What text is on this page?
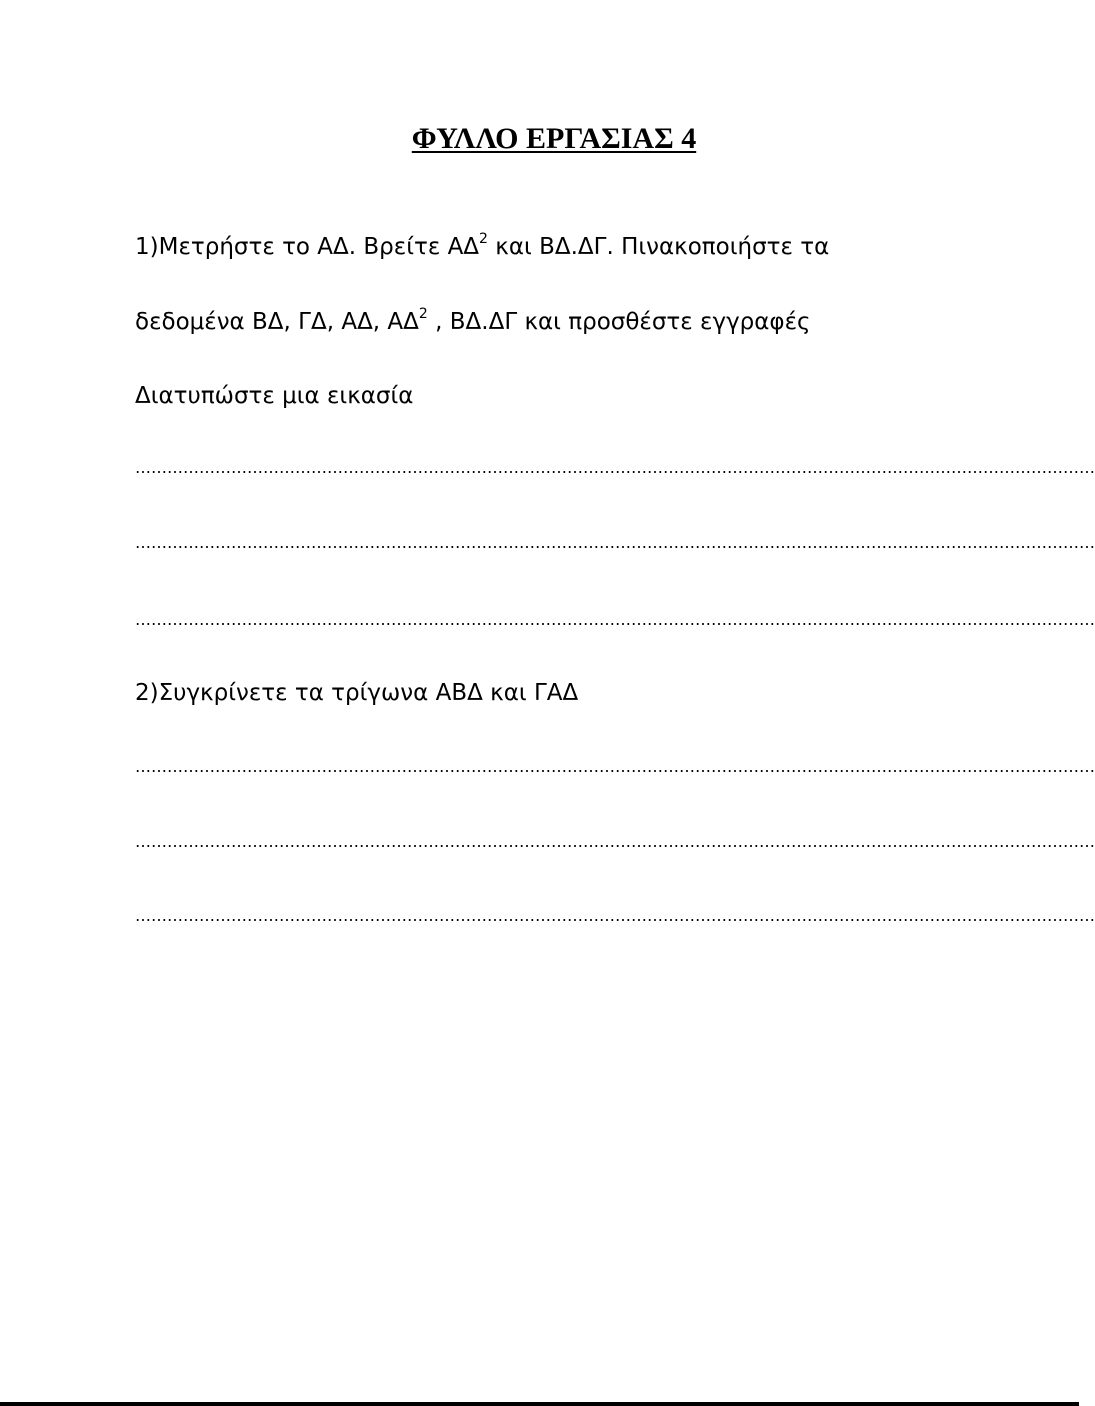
ΦΥΛΛΟ ΕΡΓΑΣΙΑΣ 4
1)Μετρήστε το ΑΔ. Βρείτε $A\Delta^2$ και ΒΔ.ΔΓ. Πινακοποιήστε τα
δεδομένα ΒΔ, ΓΔ, ΑΔ, $A\Delta^2$ , ΒΔ.ΔΓ και προσθέστε εγγραφές
Διατυπώστε μια εικασία
………………………………………………………………………………………………………………………………………………………………
………………………………………………………………………………………………………………………………………………………………
………………………………………………………………………………………………………………………………………………………………
2)Συγκρίνετε τα τρίγωνα ΑΒΔ και ΓΑΔ
………………………………………………………………………………………………………………………………………………………………
………………………………………………………………………………………………………………………………………………………………
………………………………………………………………………………………………………………………………………………………………
